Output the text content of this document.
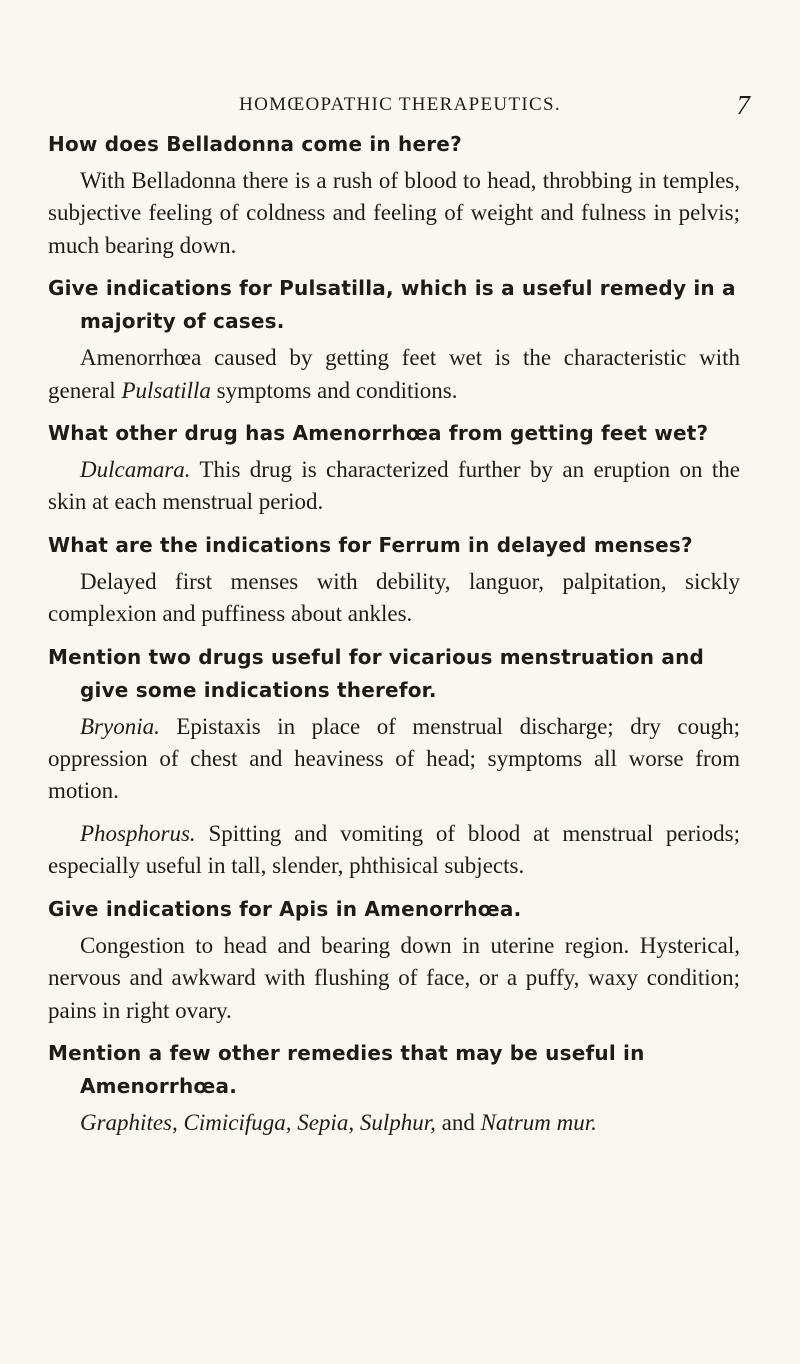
HOMŒOPATHIC THERAPEUTICS.	7

How does Belladonna come in here?

With Belladonna there is a rush of blood to head, throbbing in temples, subjective feeling of coldness and feeling of weight and fulness in pelvis; much bearing down.

Give indications for Pulsatilla, which is a useful remedy in a majority of cases.

Amenorrhœa caused by getting feet wet is the characteristic with general Pulsatilla symptoms and conditions.

What other drug has Amenorrhœa from getting feet wet?

Dulcamara. This drug is characterized further by an eruption on the skin at each menstrual period.

What are the indications for Ferrum in delayed menses?

Delayed first menses with debility, languor, palpitation, sickly complexion and puffiness about ankles.

Mention two drugs useful for vicarious menstruation and give some indications therefor.

Bryonia. Epistaxis in place of menstrual discharge; dry cough; oppression of chest and heaviness of head; symptoms all worse from motion.

Phosphorus. Spitting and vomiting of blood at menstrual periods; especially useful in tall, slender, phthisical subjects.

Give indications for Apis in Amenorrhœa.

Congestion to head and bearing down in uterine region. Hysterical, nervous and awkward with flushing of face, or a puffy, waxy condition; pains in right ovary.

Mention a few other remedies that may be useful in Amenorrhœa.

Graphites, Cimicifuga, Sepia, Sulphur, and Natrum mur.
